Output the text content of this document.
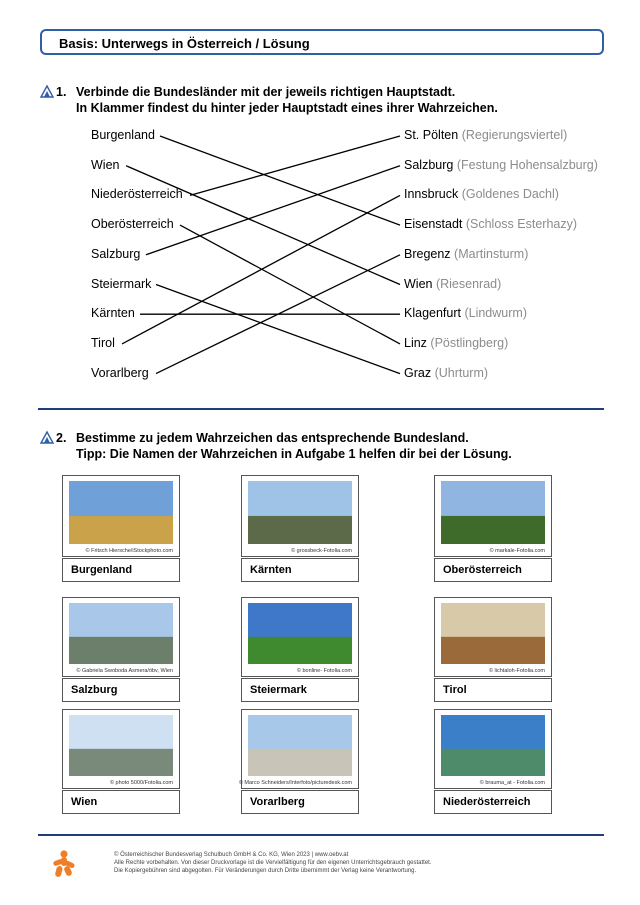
Basis: Unterwegs in Österreich / Lösung
1. Verbinde die Bundesländer mit der jeweils richtigen Hauptstadt.
In Klammer findest du hinter jeder Hauptstadt eines ihrer Wahrzeichen.
Burgenland
Wien
Niederösterreich
Oberösterreich
Salzburg
Steiermark
Kärnten
Tirol
Vorarlberg
St. Pölten (Regierungsviertel)
Salzburg (Festung Hohensalzburg)
Innsbruck (Goldenes Dachl)
Eisenstadt (Schloss Esterhazy)
Bregenz (Martinsturm)
Wien (Riesenrad)
Klagenfurt (Lindwurm)
Linz (Pöstlingberg)
Graz (Uhrturm)
2. Bestimme zu jedem Wahrzeichen das entsprechende Bundesland.
Tipp: Die Namen der Wahrzeichen in Aufgabe 1 helfen dir bei der Lösung.
© Fritsch Hiersche/iStockphoto.com
Burgenland
© grossbeck-Fotolia.com
Kärnten
© markale-Fotolia.com
Oberösterreich
© Gabriela Swoboda Asmera/öbv, Wien
Salzburg
© bonline- Fotolia.com
Steiermark
© lichtaloh-Fotolia.com
Tirol
© photo 5000/Fotolia.com
Wien
© Marco Schneiders/Interfoto/picturedesk.com
Vorarlberg
© brauma_at - Fotolia.com
Niederösterreich
© Österreichischer Bundesverlag Schulbuch GmbH & Co. KG, Wien 2023 | www.oebv.at
Alle Rechte vorbehalten. Von dieser Druckvorlage ist die Vervielfältigung für den eigenen Unterrichtsgebrauch gestattet.
Die Kopiergebühren sind abgegolten. Für Veränderungen durch Dritte übernimmt der Verlag keine Verantwortung.
